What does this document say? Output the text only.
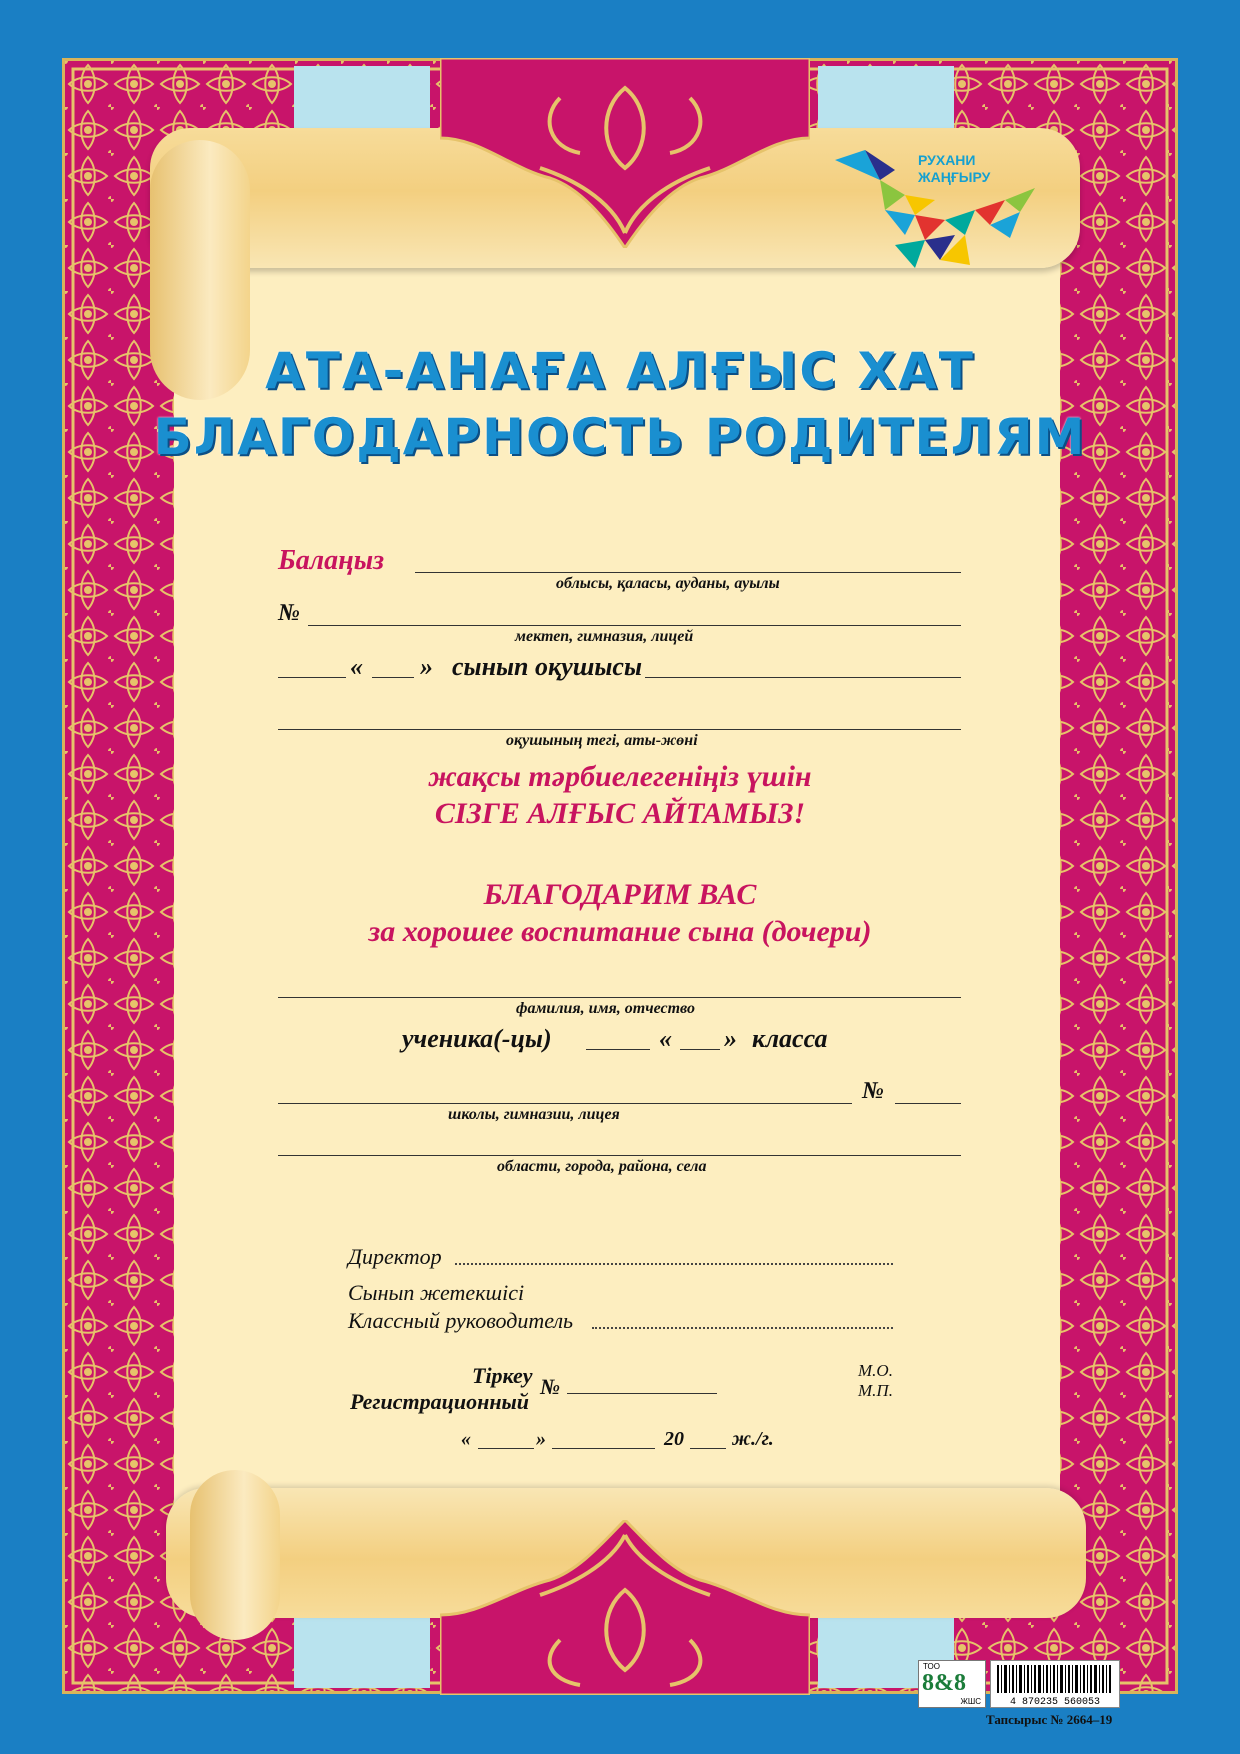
РУХАНИ
ЖАҢҒЫРУ
АТА-АНАҒА АЛҒЫС ХАТ
БЛАГОДАРНОСТЬ РОДИТЕЛЯМ
Балаңыз
облысы, қаласы, ауданы, ауылы
№
мектеп, гимназия, лицей
« » сынып оқушысы
оқушының тегі, аты-жөні
жақсы тәрбиелегеніңіз үшін
СІЗГЕ АЛҒЫС АЙТАМЫЗ!
БЛАГОДАРИМ ВАС
за хорошее воспитание сына (дочери)
фамилия, имя, отчество
ученика(-цы)	« » класса
№
школы, гимназии, лицея
области, города, района, села
Директор
Сынып жетекшісі
Классный руководитель
Тіркеу
Регистрационный
№
М.О.
М.П.
«	»	20 ж./г.
ТОО
8&8
ЖШС	4 870235 560053
Тапсырыс № 2664–19
